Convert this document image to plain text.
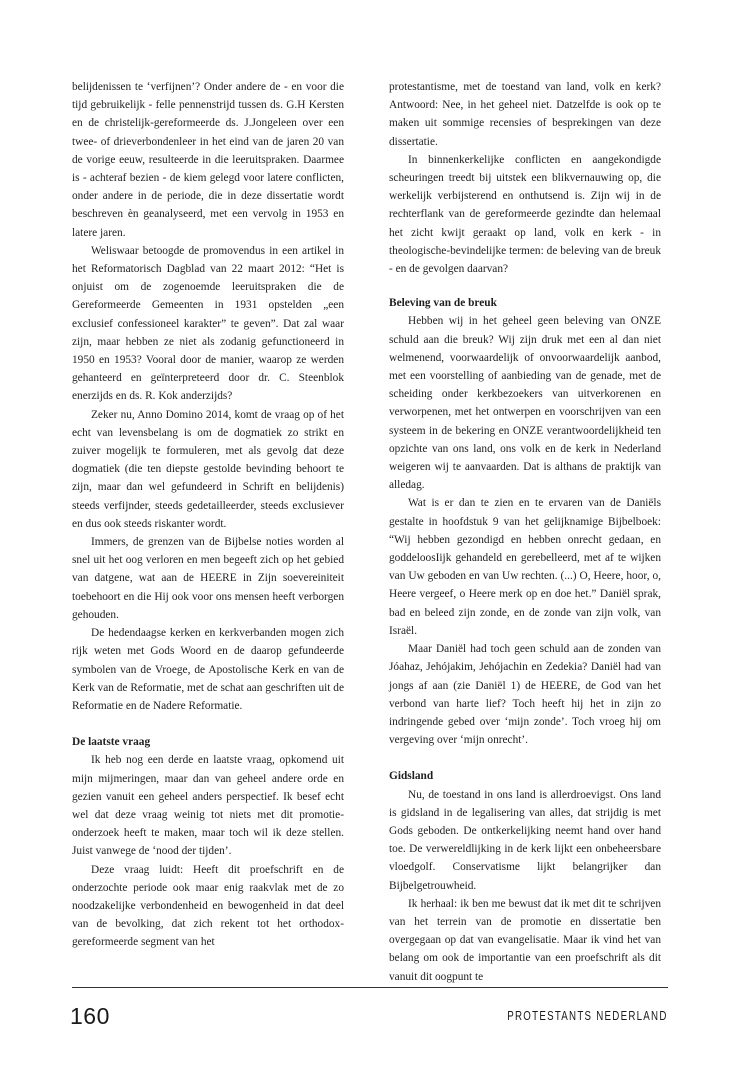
belijdenissen te ‘verfijnen’? Onder andere de - en voor die tijd gebruikelijk - felle pennenstrijd tussen ds. G.H Kersten en de christelijk-gereformeerde ds. J.Jongeleen over een twee- of drieverbondenleer in het eind van de jaren 20 van de vorige eeuw, resulteerde in die leeruitspraken. Daarmee is - achteraf bezien - de kiem gelegd voor latere conflicten, onder andere in de periode, die in deze dissertatie wordt beschreven èn geanalyseerd, met een vervolg in 1953 en latere jaren.

Weliswaar betoogde de promovendus in een artikel in het Reformatorisch Dagblad van 22 maart 2012: “Het is onjuist om de zogenoemde leeruitspraken die de Gereformeerde Gemeenten in 1931 opstelden „een exclusief confessioneel karakter” te geven”. Dat zal waar zijn, maar hebben ze niet als zodanig gefunctioneerd in 1950 en 1953? Vooral door de manier, waarop ze werden gehanteerd en geïnterpreteerd door dr. C. Steenblok enerzijds en ds. R. Kok anderzijds?

Zeker nu, Anno Domino 2014, komt de vraag op of het echt van levensbelang is om de dogmatiek zo strikt en zuiver mogelijk te formuleren, met als gevolg dat deze dogmatiek (die ten diepste gestolde bevinding behoort te zijn, maar dan wel gefundeerd in Schrift en belijdenis) steeds verfijnder, steeds gedetailleerder, steeds exclusiever en dus ook steeds riskanter wordt.

Immers, de grenzen van de Bijbelse noties worden al snel uit het oog verloren en men begeeft zich op het gebied van datgene, wat aan de HEERE in Zijn soevereiniteit toebehoort en die Hij ook voor ons mensen heeft verborgen gehouden.

De hedendaagse kerken en kerkverbanden mogen zich rijk weten met Gods Woord en de daarop gefundeerde symbolen van de Vroege, de Apostolische Kerk en van de Kerk van de Reformatie, met de schat aan geschriften uit de Reformatie en de Nadere Reformatie.

De laatste vraag

Ik heb nog een derde en laatste vraag, opkomend uit mijn mijmeringen, maar dan van geheel andere orde en gezien vanuit een geheel anders perspectief. Ik besef echt wel dat deze vraag weinig tot niets met dit promotie-onderzoek heeft te maken, maar toch wil ik deze stellen. Juist vanwege de ‘nood der tijden’.

Deze vraag luidt: Heeft dit proefschrift en de onderzochte periode ook maar enig raakvlak met de zo noodzakelijke verbondenheid en bewogenheid in dat deel van de bevolking, dat zich rekent tot het orthodox-gereformeerde segment van het

protestantisme, met de toestand van land, volk en kerk? Antwoord: Nee, in het geheel niet. Datzelfde is ook op te maken uit sommige recensies of besprekingen van deze dissertatie.

In binnenkerkelijke conflicten en aangekondigde scheuringen treedt bij uitstek een blikvernauwing op, die werkelijk verbijsterend en onthutsend is. Zijn wij in de rechterflank van de gereformeerde gezindte dan helemaal het zicht kwijt geraakt op land, volk en kerk - in theologische-bevindelijke termen: de beleving van de breuk - en de gevolgen daarvan?

Beleving van de breuk

Hebben wij in het geheel geen beleving van ONZE schuld aan die breuk? Wij zijn druk met een al dan niet welmenend, voorwaardelijk of onvoorwaardelijk aanbod, met een voorstelling of aanbieding van de genade, met de scheiding onder kerkbezoekers van uitverkorenen en verworpenen, met het ontwerpen en voorschrijven van een systeem in de bekering en ONZE verantwoordelijkheid ten opzichte van ons land, ons volk en de kerk in Nederland weigeren wij te aanvaarden. Dat is althans de praktijk van alledag.

Wat is er dan te zien en te ervaren van de Daniëls gestalte in hoofdstuk 9 van het gelijknamige Bijbelboek: “Wij hebben gezondigd en hebben onrecht gedaan, en goddeloosIijk gehandeld en gerebelleerd, met af te wijken van Uw geboden en van Uw rechten. (...) O, Heere, hoor, o, Heere vergeef, o Heere merk op en doe het.” Daniël sprak, bad en beleed zijn zonde, en de zonde van zijn volk, van Israël.

Maar Daniël had toch geen schuld aan de zonden van Jóahaz, Jehójakim, Jehójachin en Zedekia? Daniël had van jongs af aan (zie Daniël 1) de HEERE, de God van het verbond van harte lief? Toch heeft hij het in zijn zo indringende gebed over ‘mijn zonde’. Toch vroeg hij om vergeving over ‘mijn onrecht’.

Gidsland

Nu, de toestand in ons land is allerdroevigst. Ons land is gidsland in de legalisering van alles, dat strijdig is met Gods geboden. De ontkerkelijking neemt hand over hand toe. De verwereldlijking in de kerk lijkt een onbeheersbare vloedgolf. Conservatisme lijkt belangrijker dan Bijbelgetrouwheid.

Ik herhaal: ik ben me bewust dat ik met dit te schrijven van het terrein van de promotie en dissertatie ben overgegaan op dat van evangelisatie. Maar ik vind het van belang om ook de importantie van een proefschrift als dit vanuit dit oogpunt te

160	PROTESTANTS NEDERLAND
